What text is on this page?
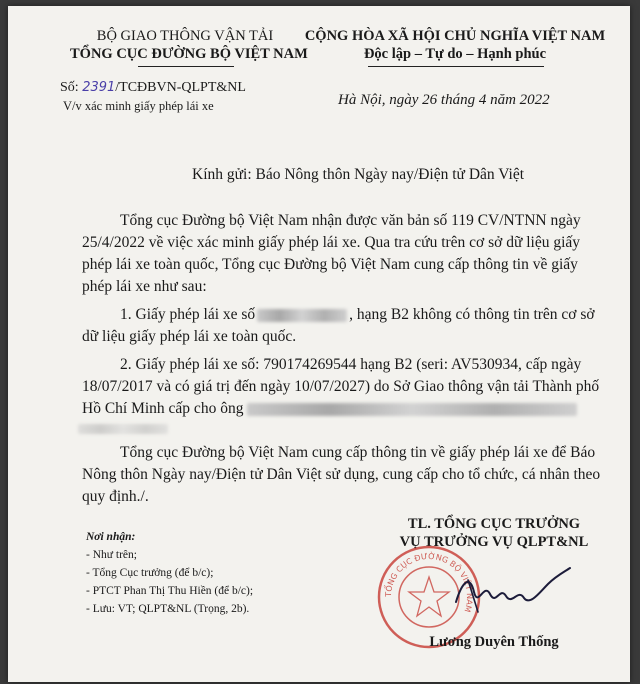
BỘ GIAO THÔNG VẬN TẢI
TỔNG CỤC ĐƯỜNG BỘ VIỆT NAM
Số: 2391/TCĐBVN-QLPT&NL
V/v xác minh giấy phép lái xe
CỘNG HÒA XÃ HỘI CHỦ NGHĨA VIỆT NAM
Độc lập – Tự do – Hạnh phúc
Hà Nội, ngày 26 tháng 4 năm 2022
Kính gửi: Báo Nông thôn Ngày nay/Điện tử Dân Việt
Tổng cục Đường bộ Việt Nam nhận được văn bản số 119 CV/NTNN ngày
25/4/2022 về việc xác minh giấy phép lái xe. Qua tra cứu trên cơ sở dữ liệu giấy
phép lái xe toàn quốc, Tổng cục Đường bộ Việt Nam cung cấp thông tin về giấy
phép lái xe như sau:
1. Giấy phép lái xe số	, hạng B2 không có thông tin trên cơ sở
dữ liệu giấy phép lái xe toàn quốc.
2. Giấy phép lái xe số: 790174269544 hạng B2 (seri: AV530934, cấp ngày
18/07/2017 và có giá trị đến ngày 10/07/2027) do Sở Giao thông vận tải Thành phố
Hồ Chí Minh cấp cho ông
Tổng cục Đường bộ Việt Nam cung cấp thông tin về giấy phép lái xe để Báo
Nông thôn Ngày nay/Điện tử Dân Việt sử dụng, cung cấp cho tổ chức, cá nhân theo
quy định./.
Nơi nhận:
- Như trên;
- Tổng Cục trưởng (để b/c);
- PTCT Phan Thị Thu Hiền (để b/c);
- Lưu: VT; QLPT&NL (Trọng, 2b).
TL. TỔNG CỤC TRƯỞNG
VỤ TRƯỞNG VỤ QLPT&NL
TỔNG CỤC ĐƯỜNG BỘ VIỆT NAM
Lương Duyên Thống
